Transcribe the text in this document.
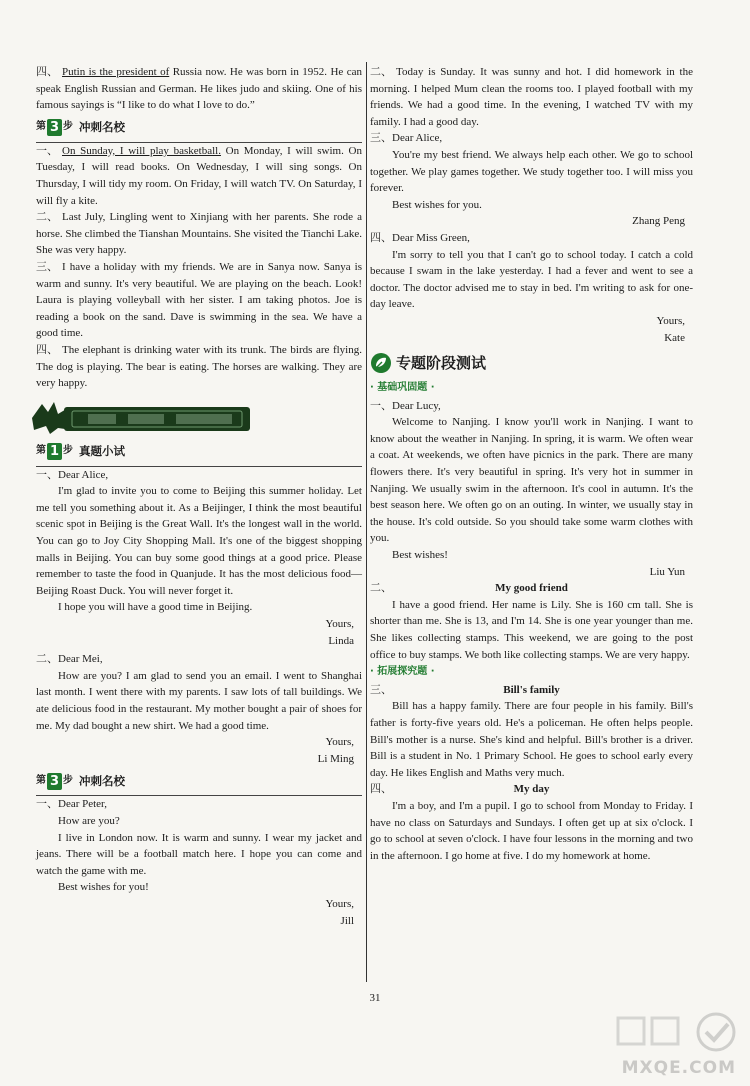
四、 Putin is the president of Russia now. He was born in 1952. He can speak English Russian and German. He likes judo and skiing. One of his famous sayings is “I like to do what I love to do.”

第 3 步 冲刺名校

一、 On Sunday, I will play basketball. On Monday, I will swim. On Tuesday, I will read books. On Wednesday, I will sing songs. On Thursday, I will tidy my room. On Friday, I will watch TV. On Saturday, I will fly a kite.

二、 Last July, Lingling went to Xinjiang with her parents. She rode a horse. She climbed the Tianshan Mountains. She visited the Tianchi Lake. She was very happy.

三、 I have a holiday with my friends. We are in Sanya now. Sanya is warm and sunny. It's very beautiful. We are playing on the beach. Look! Laura is playing volleyball with her sister. I am taking photos. Joe is reading a book on the sand. Dave is swimming in the sea. We have a good time.

四、 The elephant is drinking water with its trunk. The birds are flying. The dog is playing. The bear is eating. The horses are walking. They are very happy.

第 1 步 真题小试

一、Dear Alice,

I'm glad to invite you to come to Beijing this summer holiday. Let me tell you something about it. As a Beijinger, I think the most beautiful scenic spot in Beijing is the Great Wall. It's the longest wall in the world. You can go to Joy City Shopping Mall. It's one of the biggest shopping malls in Beijing. You can buy some good things at a good price. Please remember to taste the food in Quanjude. It has the most delicious food—Beijing Roast Duck. You will never forget it.

I hope you will have a good time in Beijing.

Yours,

Linda

二、Dear Mei,

How are you? I am glad to send you an email. I went to Shanghai last month. I went there with my parents. I saw lots of tall buildings. We ate delicious food in the restaurant. My mother bought a pair of shoes for me. My dad bought a new shirt. We had a good time.

Yours,

Li Ming

第 3 步 冲刺名校

一、Dear Peter,

How are you?

I live in London now. It is warm and sunny. I wear my jacket and jeans. There will be a football match here. I hope you can come and watch the game with me.

Best wishes for you!

Yours,

Jill

二、 Today is Sunday. It was sunny and hot. I did homework in the morning. I helped Mum clean the rooms too. I played football with my friends. We had a good time. In the evening, I watched TV with my family. I had a good day.

三、Dear Alice,

You're my best friend. We always help each other. We go to school together. We play games together. We study together too. I will miss you forever.

Best wishes for you.

Zhang Peng

四、Dear Miss Green,

I'm sorry to tell you that I can't go to school today. I catch a cold because I swam in the lake yesterday. I had a fever and went to see a doctor. The doctor advised me to stay in bed. I'm writing to ask for one-day leave.

Yours,

Kate

专题阶段测试

· 基础巩固题 ·

一、Dear Lucy,

Welcome to Nanjing. I know you'll work in Nanjing. I want to know about the weather in Nanjing. In spring, it is warm. We often wear a coat. At weekends, we often have picnics in the park. There are many flowers there. It's very beautiful in spring. It's very hot in summer in Nanjing. We usually swim in the afternoon. It's cool in autumn. It's the best season here. We often go on an outing. In winter, we usually stay in the house. It's cold outside. So you should take some warm clothes with you.

Best wishes!

Liu Yun

二、	My good friend

I have a good friend. Her name is Lily. She is 160 cm tall. She is shorter than me. She is 13, and I'm 14. She is one year younger than me. She likes collecting stamps. This weekend, we are going to the post office to buy stamps. We both like collecting stamps. We are very happy.

· 拓展探究题 ·

三、	Bill's family

Bill has a happy family. There are four people in his family. Bill's father is forty-five years old. He's a policeman. He often helps people. Bill's mother is a nurse. She's kind and helpful. Bill's brother is a driver. Bill is a student in No. 1 Primary School. He goes to school early every day. He likes English and Maths very much.

四、	My day

I'm a boy, and I'm a pupil. I go to school from Monday to Friday. I have no class on Saturdays and Sundays. I often get up at six o'clock. I go to school at seven o'clock. I have four lessons in the morning and two in the afternoon. I go home at five. I do my homework at home.

31
MXQE.COM
